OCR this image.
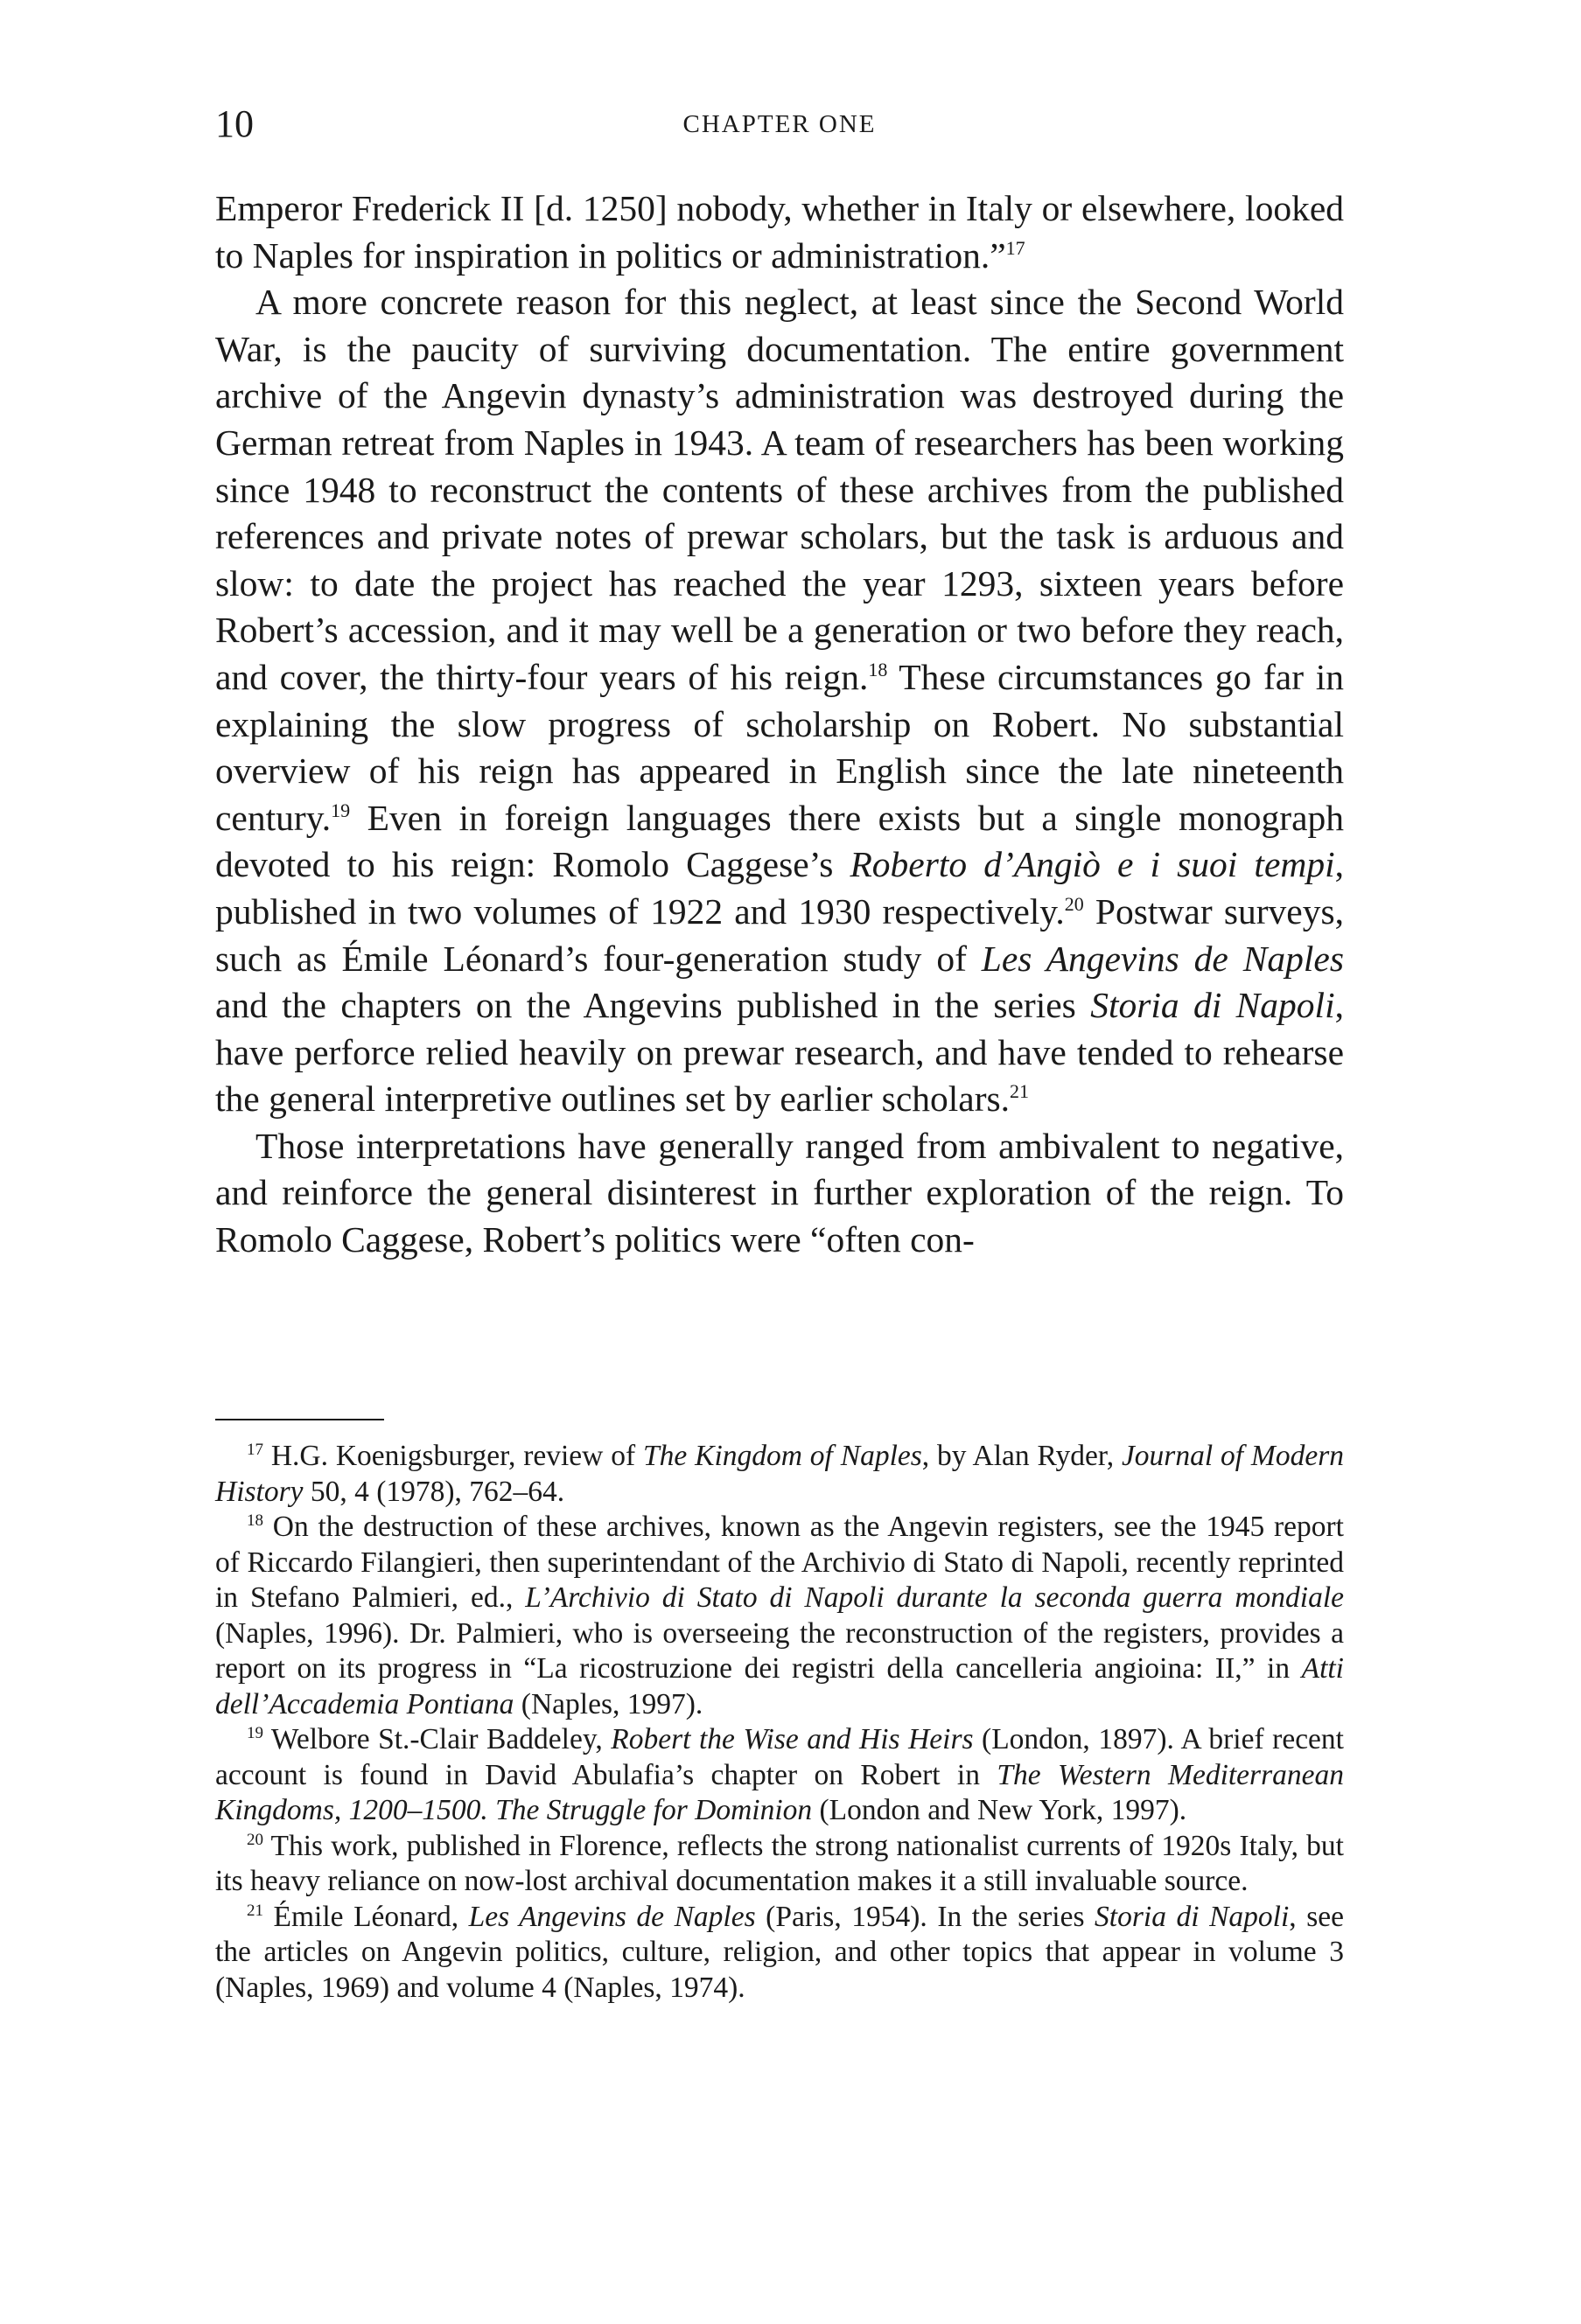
10	CHAPTER ONE

Emperor Frederick II [d. 1250] nobody, whether in Italy or elsewhere, looked to Naples for inspiration in politics or administration.”$^{17}$

A more concrete reason for this neglect, at least since the Second World War, is the paucity of surviving documentation. The entire government archive of the Angevin dynasty’s administration was destroyed during the German retreat from Naples in 1943. A team of researchers has been working since 1948 to reconstruct the contents of these archives from the published references and private notes of prewar scholars, but the task is arduous and slow: to date the project has reached the year 1293, sixteen years before Robert’s accession, and it may well be a generation or two before they reach, and cover, the thirty-four years of his reign.$^{18}$ These circumstances go far in explaining the slow progress of scholarship on Robert. No substantial overview of his reign has appeared in English since the late nineteenth century.$^{19}$ Even in foreign languages there exists but a single monograph devoted to his reign: Romolo Caggese’s Roberto d’Angiò e i suoi tempi, published in two volumes of 1922 and 1930 respectively.$^{20}$ Postwar surveys, such as Émile Léonard’s four-generation study of Les Angevins de Naples and the chapters on the Angevins published in the series Storia di Napoli, have perforce relied heavily on prewar research, and have tended to rehearse the general interpretive outlines set by earlier scholars.$^{21}$

Those interpretations have generally ranged from ambivalent to negative, and reinforce the general disinterest in further exploration of the reign. To Romolo Caggese, Robert’s politics were “often con-

$^{17}$ H.G. Koenigsburger, review of The Kingdom of Naples, by Alan Ryder, Journal of Modern History 50, 4 (1978), 762–64.

$^{18}$ On the destruction of these archives, known as the Angevin registers, see the 1945 report of Riccardo Filangieri, then superintendant of the Archivio di Stato di Napoli, recently reprinted in Stefano Palmieri, ed., L’Archivio di Stato di Napoli durante la seconda guerra mondiale (Naples, 1996). Dr. Palmieri, who is overseeing the reconstruction of the registers, provides a report on its progress in “La ricostruzione dei registri della cancelleria angioina: II,” in Atti dell’Accademia Pontiana (Naples, 1997).

$^{19}$ Welbore St.-Clair Baddeley, Robert the Wise and His Heirs (London, 1897). A brief recent account is found in David Abulafia’s chapter on Robert in The Western Mediterranean Kingdoms, 1200–1500. The Struggle for Dominion (London and New York, 1997).

$^{20}$ This work, published in Florence, reflects the strong nationalist currents of 1920s Italy, but its heavy reliance on now-lost archival documentation makes it a still invaluable source.

$^{21}$ Émile Léonard, Les Angevins de Naples (Paris, 1954). In the series Storia di Napoli, see the articles on Angevin politics, culture, religion, and other topics that appear in volume 3 (Naples, 1969) and volume 4 (Naples, 1974).
